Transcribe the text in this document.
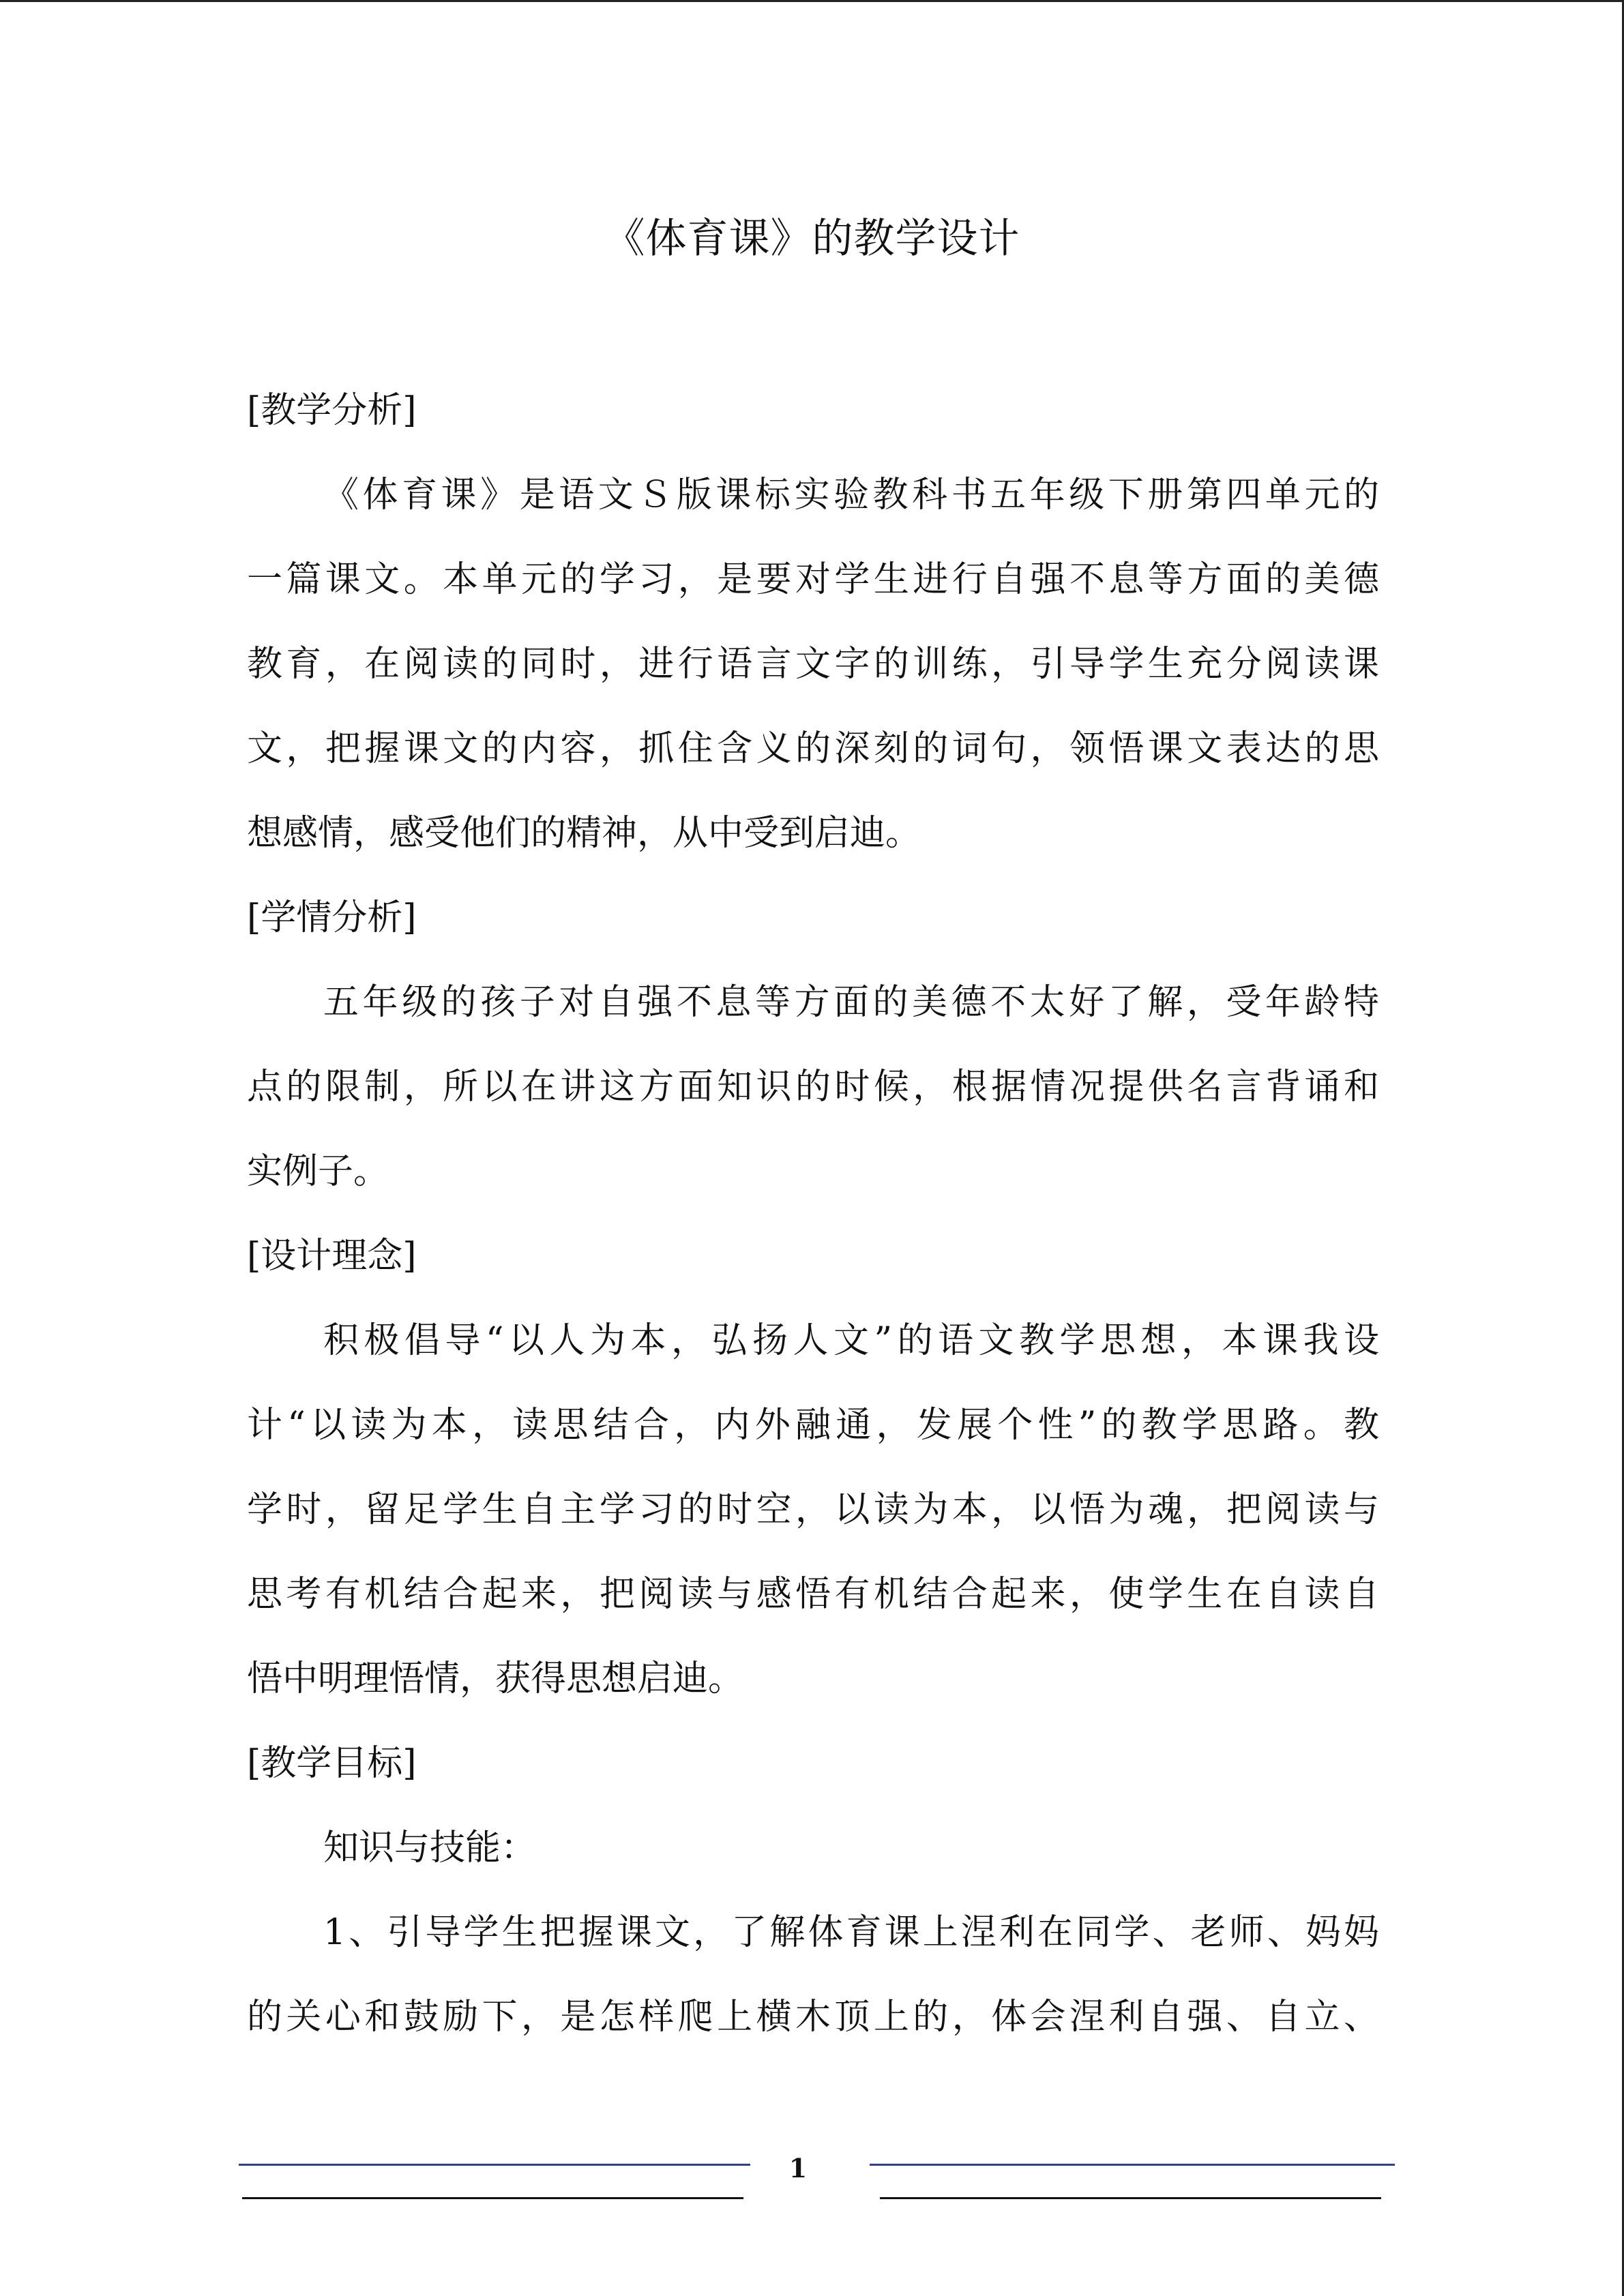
《体育课》的教学设计
[教学分析]
《体育课》是语文Ｓ版课标实验教科书五年级下册第四单元的
一篇课文。本单元的学习，是要对学生进行自强不息等方面的美德
教育，在阅读的同时，进行语言文字的训练，引导学生充分阅读课
文，把握课文的内容，抓住含义的深刻的词句，领悟课文表达的思
想感情，感受他们的精神，从中受到启迪。
[学情分析]
五年级的孩子对自强不息等方面的美德不太好了解，受年龄特
点的限制，所以在讲这方面知识的时候，根据情况提供名言背诵和
实例子。
[设计理念]
积极倡导“以人为本，弘扬人文”的语文教学思想，本课我设
计“以读为本，读思结合，内外融通，发展个性”的教学思路。教
学时，留足学生自主学习的时空，以读为本，以悟为魂，把阅读与
思考有机结合起来，把阅读与感悟有机结合起来，使学生在自读自
悟中明理悟情，获得思想启迪。
[教学目标]
知识与技能：
1、引导学生把握课文，了解体育课上涅利在同学、老师、妈妈
的关心和鼓励下，是怎样爬上横木顶上的，体会涅利自强、自立、
1
